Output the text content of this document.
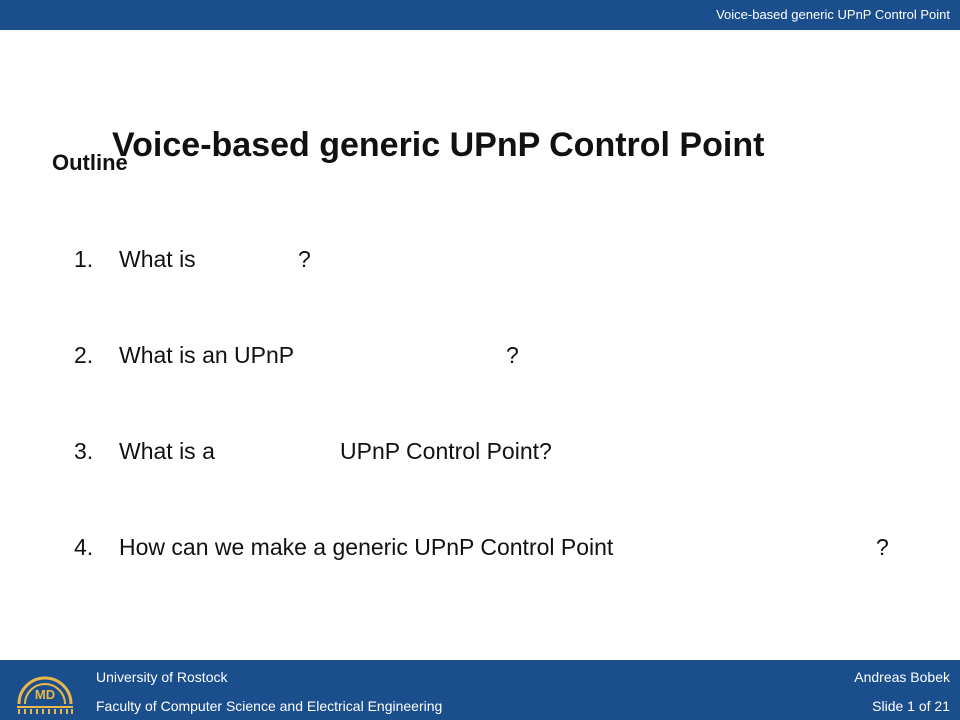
Voice-based generic UPnP Control Point
Voice-based generic UPnP Control Point
Outline
1.	What is	?
2.	What is an UPnP	?
3.	What is a	UPnP Control Point?
4.	How can we make a generic UPnP Control Point	?
MD
University of Rostock
Faculty of Computer Science and Electrical Engineering
Andreas Bobek
Slide 1 of 21
